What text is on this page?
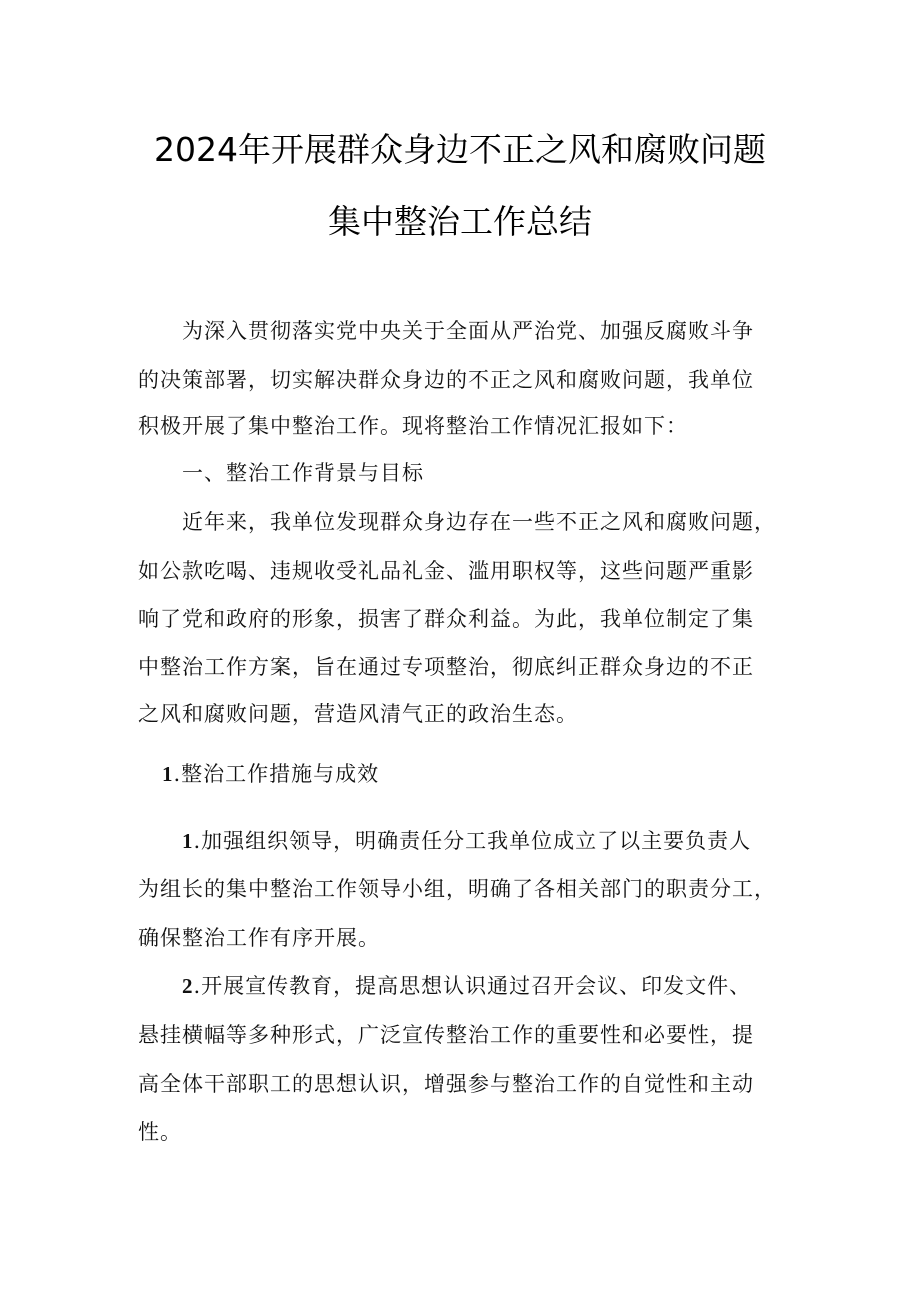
2024年开展群众身边不正之风和腐败问题
集中整治工作总结
为深入贯彻落实党中央关于全面从严治党、加强反腐败斗争
的决策部署，切实解决群众身边的不正之风和腐败问题，我单位
积极开展了集中整治工作。现将整治工作情况汇报如下：
一、整治工作背景与目标
近年来，我单位发现群众身边存在一些不正之风和腐败问题，
如公款吃喝、违规收受礼品礼金、滥用职权等，这些问题严重影
响了党和政府的形象，损害了群众利益。为此，我单位制定了集
中整治工作方案，旨在通过专项整治，彻底纠正群众身边的不正
之风和腐败问题，营造风清气正的政治生态。
1.整治工作措施与成效
1.加强组织领导，明确责任分工我单位成立了以主要负责人
为组长的集中整治工作领导小组，明确了各相关部门的职责分工，
确保整治工作有序开展。
2.开展宣传教育，提高思想认识通过召开会议、印发文件、
悬挂横幅等多种形式，广泛宣传整治工作的重要性和必要性，提
高全体干部职工的思想认识，增强参与整治工作的自觉性和主动
性。
